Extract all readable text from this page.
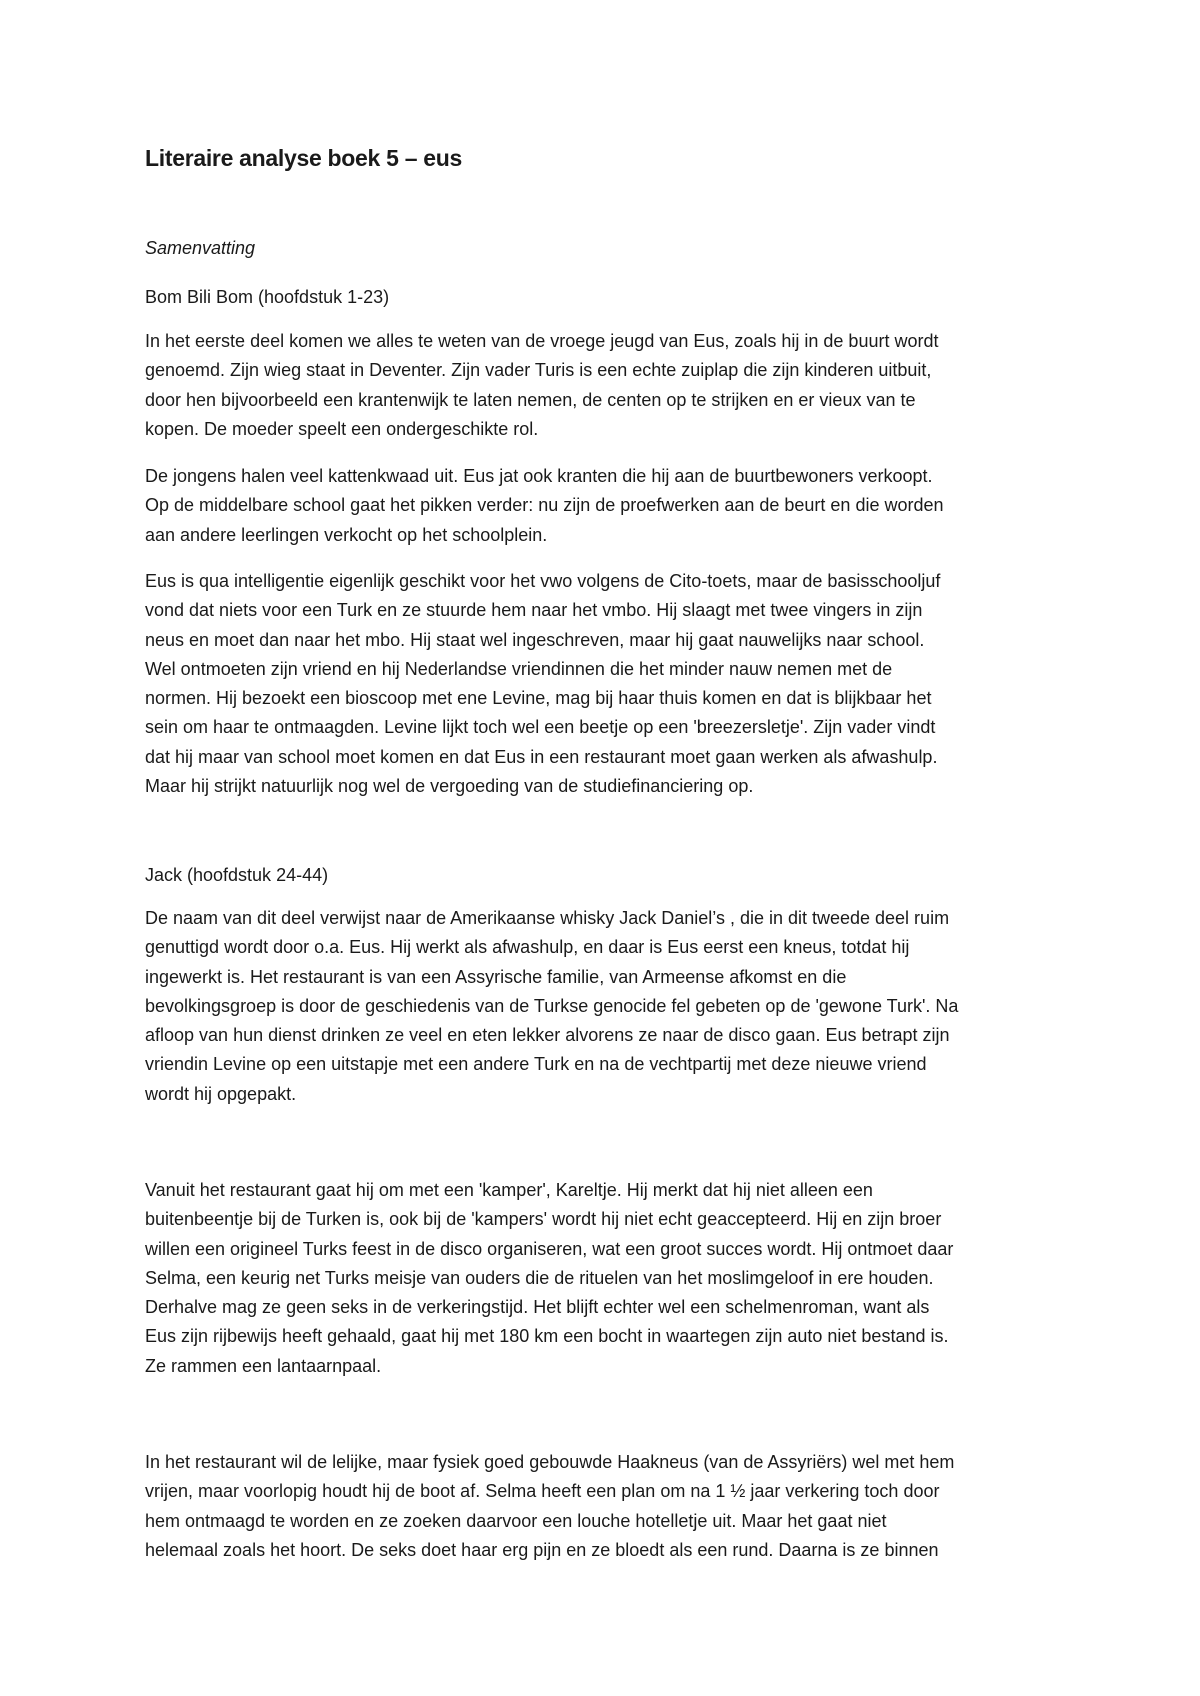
Literaire analyse boek 5 – eus

Samenvatting

Bom Bili Bom (hoofdstuk 1-23)

In het eerste deel komen we alles te weten van de vroege jeugd van Eus, zoals hij in de buurt wordt
genoemd. Zijn wieg staat in Deventer. Zijn vader Turis is een echte zuiplap die zijn kinderen uitbuit,
door hen bijvoorbeeld een krantenwijk te laten nemen, de centen op te strijken en er vieux van te
kopen. De moeder speelt een ondergeschikte rol.

De jongens halen veel kattenkwaad uit. Eus jat ook kranten die hij aan de buurtbewoners verkoopt.
Op de middelbare school gaat het pikken verder: nu zijn de proefwerken aan de beurt en die worden
aan andere leerlingen verkocht op het schoolplein.

Eus is qua intelligentie eigenlijk geschikt voor het vwo volgens de Cito-toets, maar de basisschooljuf
vond dat niets voor een Turk en ze stuurde hem naar het vmbo. Hij slaagt met twee vingers in zijn
neus en moet dan naar het mbo. Hij staat wel ingeschreven, maar hij gaat nauwelijks naar school.
Wel ontmoeten zijn vriend en hij Nederlandse vriendinnen die het minder nauw nemen met de
normen. Hij bezoekt een bioscoop met ene Levine, mag bij haar thuis komen en dat is blijkbaar het
sein om haar te ontmaagden. Levine lijkt toch wel een beetje op een 'breezersletje'. Zijn vader vindt
dat hij maar van school moet komen en dat Eus in een restaurant moet gaan werken als afwashulp.
Maar hij strijkt natuurlijk nog wel de vergoeding van de studiefinanciering op.

Jack (hoofdstuk 24-44)

De naam van dit deel verwijst naar de Amerikaanse whisky Jack Daniel’s , die in dit tweede deel ruim
genuttigd wordt door o.a. Eus. Hij werkt als afwashulp, en daar is Eus eerst een kneus, totdat hij
ingewerkt is. Het restaurant is van een Assyrische familie, van Armeense afkomst en die
bevolkingsgroep is door de geschiedenis van de Turkse genocide fel gebeten op de 'gewone Turk'. Na
afloop van hun dienst drinken ze veel en eten lekker alvorens ze naar de disco gaan. Eus betrapt zijn
vriendin Levine op een uitstapje met een andere Turk en na de vechtpartij met deze nieuwe vriend
wordt hij opgepakt.

Vanuit het restaurant gaat hij om met een 'kamper', Kareltje. Hij merkt dat hij niet alleen een
buitenbeentje bij de Turken is, ook bij de 'kampers' wordt hij niet echt geaccepteerd. Hij en zijn broer
willen een origineel Turks feest in de disco organiseren, wat een groot succes wordt. Hij ontmoet daar
Selma, een keurig net Turks meisje van ouders die de rituelen van het moslimgeloof in ere houden.
Derhalve mag ze geen seks in de verkeringstijd. Het blijft echter wel een schelmenroman, want als
Eus zijn rijbewijs heeft gehaald, gaat hij met 180 km een bocht in waartegen zijn auto niet bestand is.
Ze rammen een lantaarnpaal.

In het restaurant wil de lelijke, maar fysiek goed gebouwde Haakneus (van de Assyriërs) wel met hem
vrijen, maar voorlopig houdt hij de boot af. Selma heeft een plan om na 1 ½ jaar verkering toch door
hem ontmaagd te worden en ze zoeken daarvoor een louche hotelletje uit. Maar het gaat niet
helemaal zoals het hoort. De seks doet haar erg pijn en ze bloedt als een rund. Daarna is ze binnen
